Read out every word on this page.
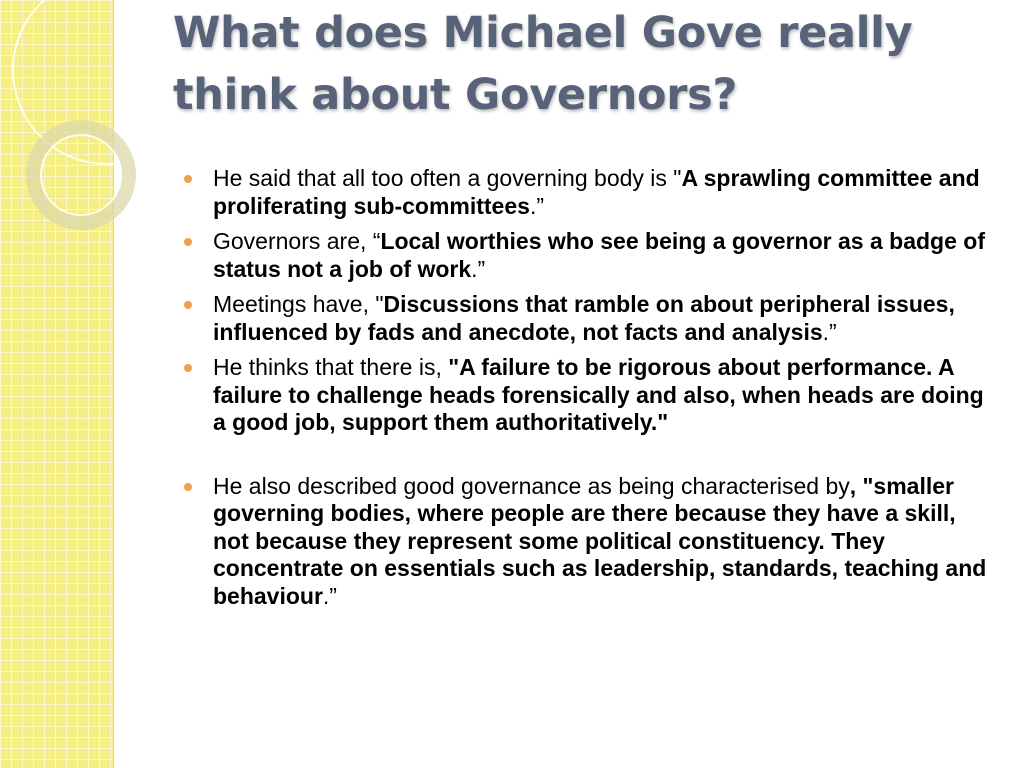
What does Michael Gove really think about Governors?
He said that all too often a governing body is "A sprawling committee and proliferating sub-committees.”
Governors are, “Local worthies who see being a governor as a badge of status not a job of work.”
Meetings have, "Discussions that ramble on about peripheral issues, influenced by fads and anecdote, not facts and analysis.”
He thinks that there is, "A failure to be rigorous about performance. A failure to challenge heads forensically and also, when heads are doing a good job, support them authoritatively."
He also described good governance as being characterised by, "smaller governing bodies, where people are there because they have a skill, not because they represent some political constituency. They concentrate on essentials such as leadership, standards, teaching and behaviour.”
